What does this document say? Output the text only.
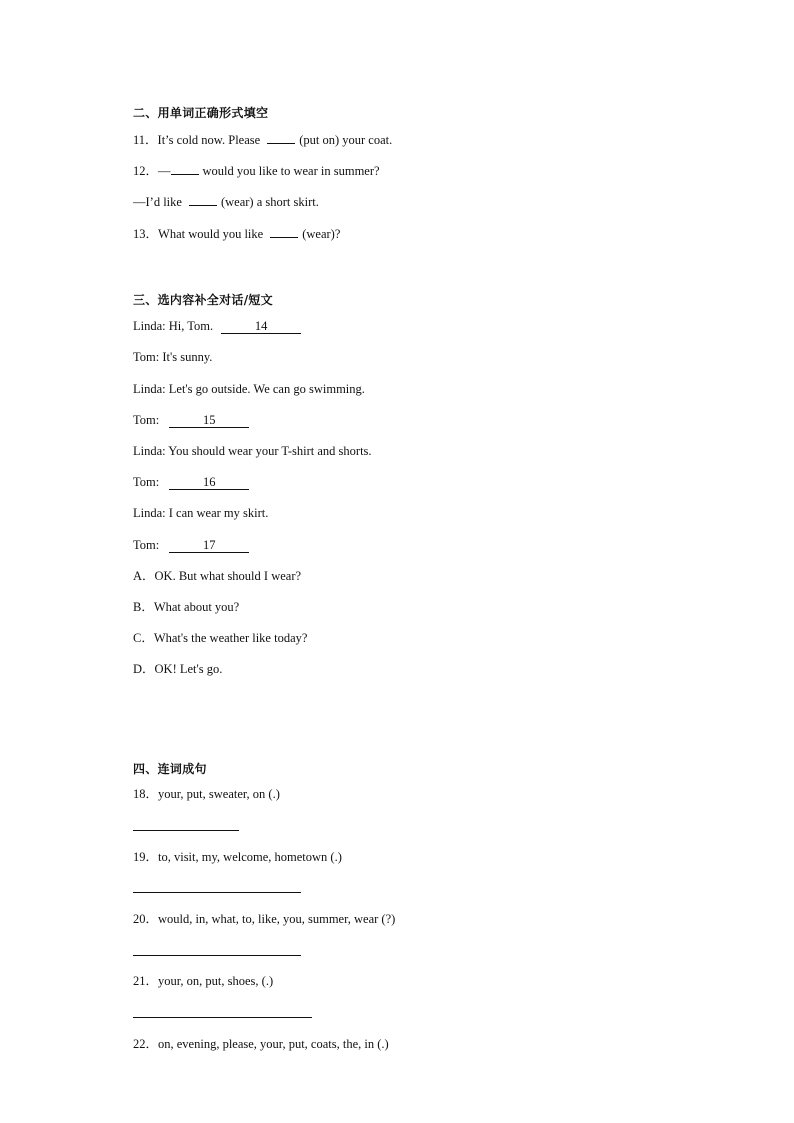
二、用单词正确形式填空
11．It’s cold now. Please	(put on) your coat.
12．—	would you like to wear in summer?
—I’d like	(wear) a short skirt.
13．What would you like	(wear)?
三、选内容补全对话/短文
Linda: Hi, Tom.	14
Tom: It's sunny.
Linda: Let's go outside. We can go swimming.
Tom:	15
Linda: You should wear your T-shirt and shorts.
Tom:	16
Linda: I can wear my skirt.
Tom:	17
A．OK. But what should I wear?
B．What about you?
C．What's the weather like today?
D．OK! Let's go.
四、连词成句
18．your, put, sweater, on (.)
19．to, visit, my, welcome, hometown (.)
20．would, in, what, to, like, you, summer, wear (?)
21．your, on, put, shoes, (.)
22．on, evening, please, your, put, coats, the, in (.)
